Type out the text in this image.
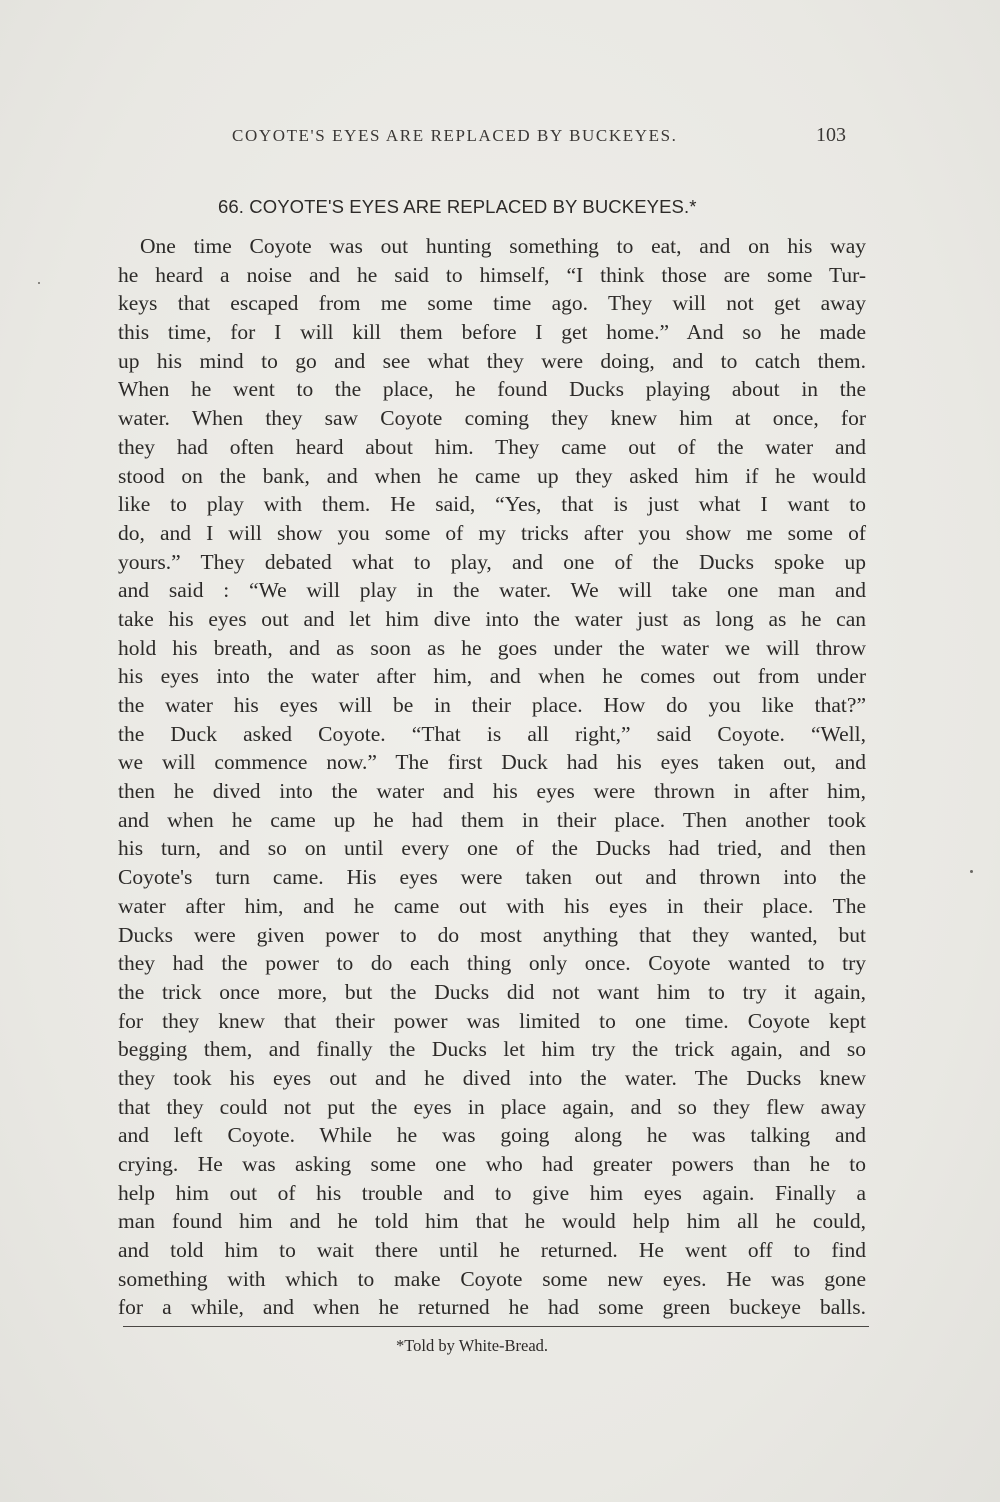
COYOTE'S EYES ARE REPLACED BY BUCKEYES.	103
66. COYOTE'S EYES ARE REPLACED BY BUCKEYES.*
One time Coyote was out hunting something to eat, and on his way
he heard a noise and he said to himself, “I think those are some Tur-
keys that escaped from me some time ago. They will not get away
this time, for I will kill them before I get home.” And so he made
up his mind to go and see what they were doing, and to catch them.
When he went to the place, he found Ducks playing about in the
water. When they saw Coyote coming they knew him at once, for
they had often heard about him. They came out of the water and
stood on the bank, and when he came up they asked him if he would
like to play with them. He said, “Yes, that is just what I want to
do, and I will show you some of my tricks after you show me some of
yours.” They debated what to play, and one of the Ducks spoke up
and said : “We will play in the water. We will take one man and
take his eyes out and let him dive into the water just as long as he can
hold his breath, and as soon as he goes under the water we will throw
his eyes into the water after him, and when he comes out from under
the water his eyes will be in their place. How do you like that?”
the Duck asked Coyote. “That is all right,” said Coyote. “Well,
we will commence now.” The first Duck had his eyes taken out, and
then he dived into the water and his eyes were thrown in after him,
and when he came up he had them in their place. Then another took
his turn, and so on until every one of the Ducks had tried, and then
Coyote's turn came. His eyes were taken out and thrown into the
water after him, and he came out with his eyes in their place. The
Ducks were given power to do most anything that they wanted, but
they had the power to do each thing only once. Coyote wanted to try
the trick once more, but the Ducks did not want him to try it again,
for they knew that their power was limited to one time. Coyote kept
begging them, and finally the Ducks let him try the trick again, and so
they took his eyes out and he dived into the water. The Ducks knew
that they could not put the eyes in place again, and so they flew away
and left Coyote. While he was going along he was talking and
crying. He was asking some one who had greater powers than he to
help him out of his trouble and to give him eyes again. Finally a
man found him and he told him that he would help him all he could,
and told him to wait there until he returned. He went off to find
something with which to make Coyote some new eyes. He was gone
for a while, and when he returned he had some green buckeye balls.
*Told by White-Bread.
